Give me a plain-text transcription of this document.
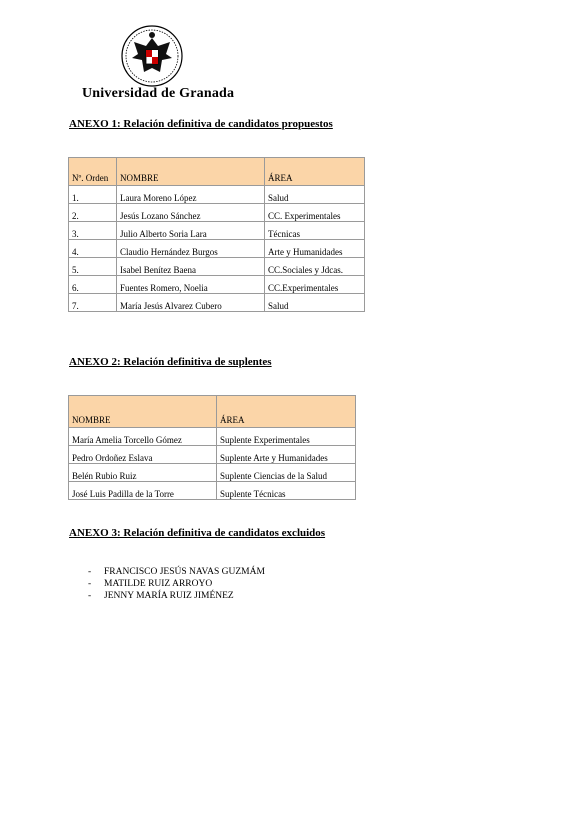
Universidad de Granada
ANEXO 1: Relación definitiva de candidatos propuestos
Nº. Orden	NOMBRE	ÁREA
1.	Laura Moreno López	Salud
2.	Jesús Lozano Sánchez	CC. Experimentales
3.	Julio Alberto Soria Lara	Técnicas
4.	Claudio Hernández Burgos	Arte y Humanidades
5.	Isabel Benítez Baena	CC.Sociales y Jdcas.
6.	Fuentes Romero, Noelia	CC.Experimentales
7.	María Jesús Alvarez Cubero	Salud
ANEXO 2: Relación definitiva de suplentes
NOMBRE	ÁREA
María Amelia Torcello Gómez	Suplente Experimentales
Pedro Ordoñez Eslava	Suplente Arte y Humanidades
Belén Rubio Ruiz	Suplente Ciencias de la Salud
José Luis Padilla de la Torre	Suplente Técnicas
ANEXO 3: Relación definitiva de candidatos excluidos
- FRANCISCO JESÚS NAVAS GUZMÁM
- MATILDE RUIZ ARROYO
- JENNY MARÍA RUIZ JIMÉNEZ
